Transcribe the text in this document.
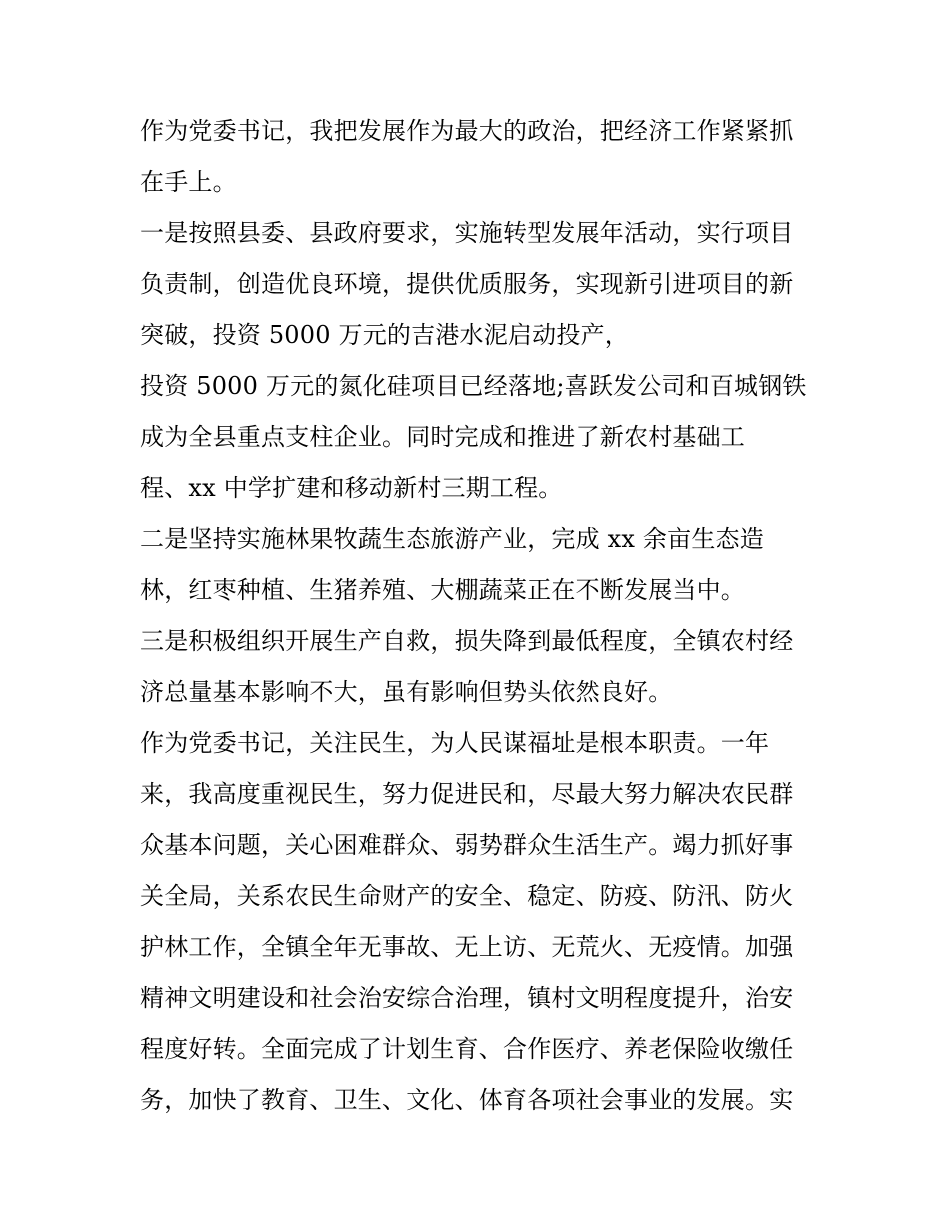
作为党委书记，我把发展作为最大的政治，把经济工作紧紧抓
在手上。
一是按照县委、县政府要求，实施转型发展年活动，实行项目
负责制，创造优良环境，提供优质服务，实现新引进项目的新
突破，投资 5000 万元的吉港水泥启动投产，
投资 5000 万元的氮化硅项目已经落地;喜跃发公司和百城钢铁
成为全县重点支柱企业。同时完成和推进了新农村基础工
程、xx 中学扩建和移动新村三期工程。
二是坚持实施林果牧蔬生态旅游产业，完成 xx 余亩生态造
林，红枣种植、生猪养殖、大棚蔬菜正在不断发展当中。
三是积极组织开展生产自救，损失降到最低程度，全镇农村经
济总量基本影响不大，虽有影响但势头依然良好。
作为党委书记，关注民生，为人民谋福址是根本职责。一年
来，我高度重视民生，努力促进民和，尽最大努力解决农民群
众基本问题，关心困难群众、弱势群众生活生产。竭力抓好事
关全局，关系农民生命财产的安全、稳定、防疫、防汛、防火
护林工作，全镇全年无事故、无上访、无荒火、无疫情。加强
精神文明建设和社会治安综合治理，镇村文明程度提升，治安
程度好转。全面完成了计划生育、合作医疗、养老保险收缴任
务，加快了教育、卫生、文化、体育各项社会事业的发展。实
